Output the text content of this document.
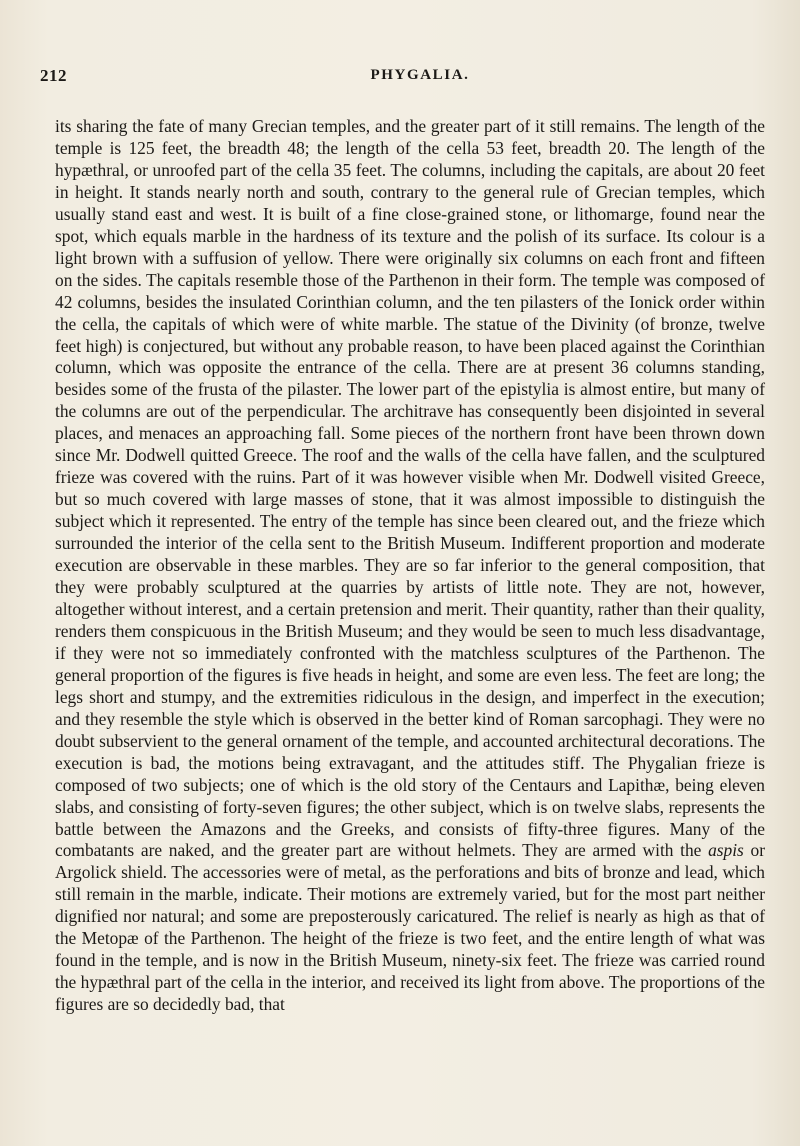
212	PHYGALIA.

its sharing the fate of many Grecian temples, and the greater part of it still remains. The length of the temple is 125 feet, the breadth 48; the length of the cella 53 feet, breadth 20. The length of the hypæthral, or unroofed part of the cella 35 feet. The columns, including the capitals, are about 20 feet in height. It stands nearly north and south, contrary to the general rule of Grecian temples, which usually stand east and west. It is built of a fine close-grained stone, or lithomarge, found near the spot, which equals marble in the hardness of its texture and the polish of its surface. Its colour is a light brown with a suffusion of yellow. There were originally six columns on each front and fifteen on the sides. The capitals resemble those of the Parthenon in their form. The temple was composed of 42 columns, besides the insulated Corinthian column, and the ten pilasters of the Ionick order within the cella, the capitals of which were of white marble. The statue of the Divinity (of bronze, twelve feet high) is conjectured, but without any probable reason, to have been placed against the Corinthian column, which was opposite the entrance of the cella. There are at present 36 columns standing, besides some of the frusta of the pilaster. The lower part of the epistylia is almost entire, but many of the columns are out of the perpendicular. The architrave has consequently been disjointed in several places, and menaces an approaching fall. Some pieces of the northern front have been thrown down since Mr. Dodwell quitted Greece. The roof and the walls of the cella have fallen, and the sculptured frieze was covered with the ruins. Part of it was however visible when Mr. Dodwell visited Greece, but so much covered with large masses of stone, that it was almost impossible to distinguish the subject which it represented. The entry of the temple has since been cleared out, and the frieze which surrounded the interior of the cella sent to the British Museum. Indifferent proportion and moderate execution are observable in these marbles. They are so far inferior to the general composition, that they were probably sculptured at the quarries by artists of little note. They are not, however, altogether without interest, and a certain pretension and merit. Their quantity, rather than their quality, renders them conspicuous in the British Museum; and they would be seen to much less disadvantage, if they were not so immediately confronted with the matchless sculptures of the Parthenon. The general proportion of the figures is five heads in height, and some are even less. The feet are long; the legs short and stumpy, and the extremities ridiculous in the design, and imperfect in the execution; and they resemble the style which is observed in the better kind of Roman sarcophagi. They were no doubt subservient to the general ornament of the temple, and accounted architectural decorations. The execution is bad, the motions being extravagant, and the attitudes stiff. The Phygalian frieze is composed of two subjects; one of which is the old story of the Centaurs and Lapithæ, being eleven slabs, and consisting of forty-seven figures; the other subject, which is on twelve slabs, represents the battle between the Amazons and the Greeks, and consists of fifty-three figures. Many of the combatants are naked, and the greater part are without helmets. They are armed with the aspis or Argolick shield. The accessories were of metal, as the perforations and bits of bronze and lead, which still remain in the marble, indicate. Their motions are extremely varied, but for the most part neither dignified nor natural; and some are preposterously caricatured. The relief is nearly as high as that of the Metopæ of the Parthenon. The height of the frieze is two feet, and the entire length of what was found in the temple, and is now in the British Museum, ninety-six feet. The frieze was carried round the hypæthral part of the cella in the interior, and received its light from above. The proportions of the figures are so decidedly bad, that
